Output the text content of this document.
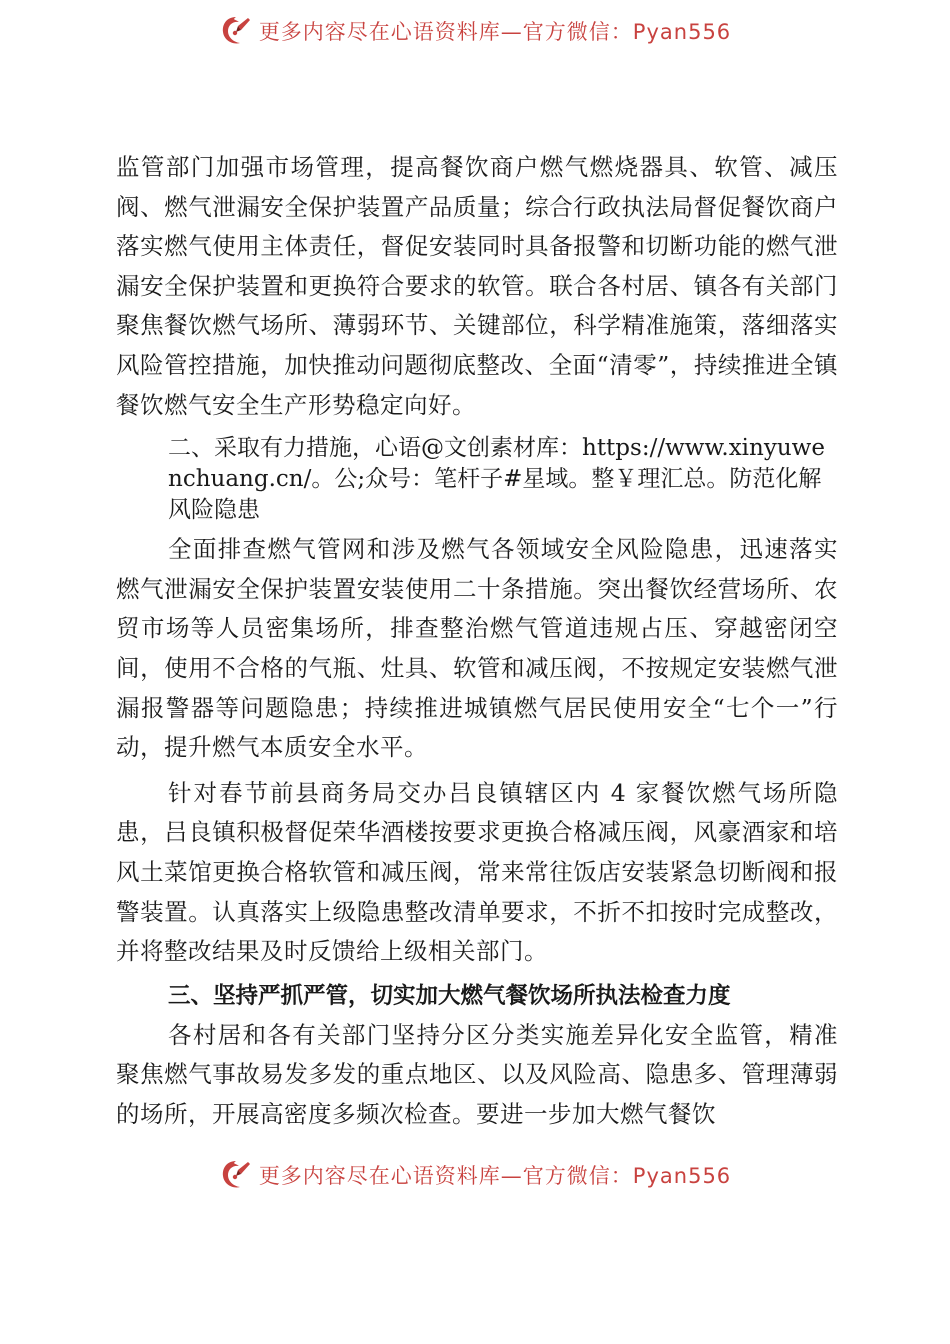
更多内容尽在心语资料库—官方微信：Pyan556

监管部门加强市场管理，提高餐饮商户燃气燃烧器具、软管、减压阀、燃气泄漏安全保护装置产品质量；综合行政执法局督促餐饮商户落实燃气使用主体责任，督促安装同时具备报警和切断功能的燃气泄漏安全保护装置和更换符合要求的软管。联合各村居、镇各有关部门聚焦餐饮燃气场所、薄弱环节、关键部位，科学精准施策，落细落实风险管控措施，加快推动问题彻底整改、全面“清零”，持续推进全镇餐饮燃气安全生产形势稳定向好。

二、采取有力措施，心语@文创素材库：https://www.xinyuwenchuang.cn/。公;众号：笔杆子#星域。整￥理汇总。防范化解风险隐患

全面排查燃气管网和涉及燃气各领域安全风险隐患，迅速落实燃气泄漏安全保护装置安装使用二十条措施。突出餐饮经营场所、农贸市场等人员密集场所，排查整治燃气管道违规占压、穿越密闭空间，使用不合格的气瓶、灶具、软管和减压阀，不按规定安装燃气泄漏报警器等问题隐患；持续推进城镇燃气居民使用安全“七个一”行动，提升燃气本质安全水平。

针对春节前县商务局交办吕良镇辖区内 4 家餐饮燃气场所隐患，吕良镇积极督促荣华酒楼按要求更换合格减压阀，风豪酒家和培风土菜馆更换合格软管和减压阀，常来常往饭店安装紧急切断阀和报警装置。认真落实上级隐患整改清单要求，不折不扣按时完成整改，并将整改结果及时反馈给上级相关部门。

三、坚持严抓严管，切实加大燃气餐饮场所执法检查力度

各村居和各有关部门坚持分区分类实施差异化安全监管，精准聚焦燃气事故易发多发的重点地区、以及风险高、隐患多、管理薄弱的场所，开展高密度多频次检查。要进一步加大燃气餐饮

更多内容尽在心语资料库—官方微信：Pyan556
